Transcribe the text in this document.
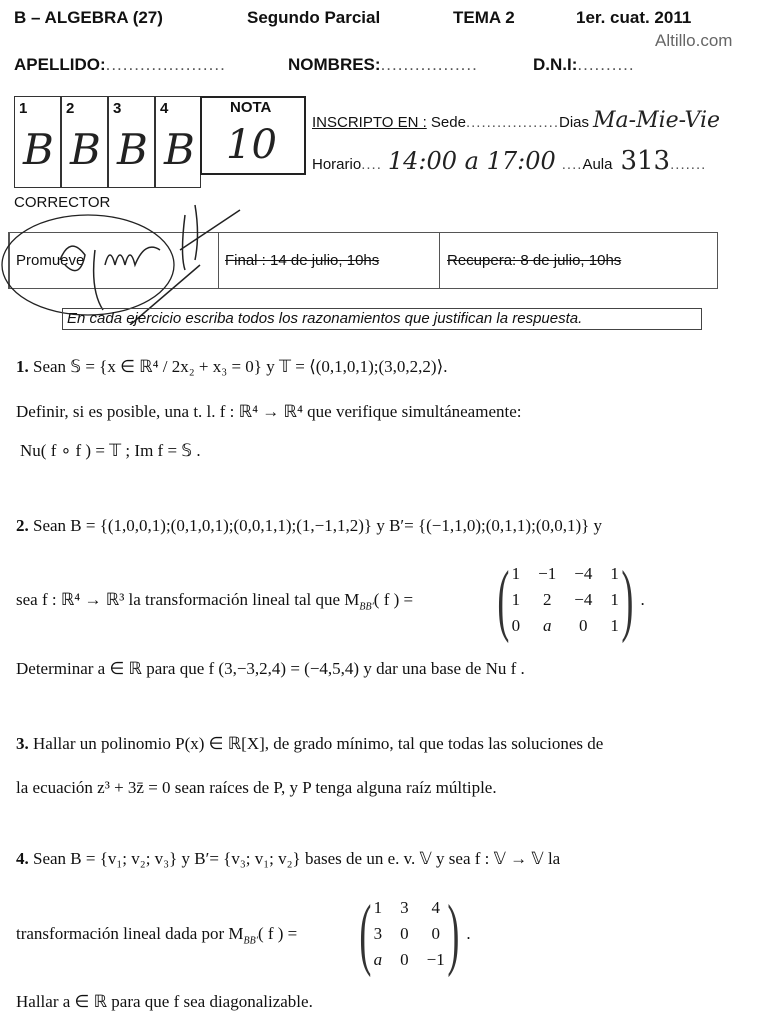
B – ALGEBRA (27)	Segundo Parcial	TEMA 2	1er. cuat. 2011
APELLIDO:.....................	NOMBRES:.................	D.N.I:..........
Altillo.com
1
B
2
B
3
B
4
B
NOTA
10 INSCRIPTO EN :
Sede .................. Dias Ma-Mie-Vie
Horario .... 14:00 a 17:00 .... Aula 313 .......
CORRECTOR
Promueve	Final : 14 de julio, 10hs	Recupera: 8 de julio, 10hs
En cada ejercicio escriba todos los razonamientos que justifican la respuesta.
1. Sean 𝕊 = {x ∈ ℝ⁴ / 2x₂ + x₃ = 0} y 𝕋 = ⟨(0,1,0,1);(3,0,2,2)⟩.
Definir, si es posible, una t. l. f : ℝ⁴ → ℝ⁴ que verifique simultáneamente:
Nu( f ∘ f ) = 𝕋 ; Im f = 𝕊 .
2. Sean B = {(1,0,0,1);(0,1,0,1);(0,0,1,1);(1,−1,1,2)} y B′= {(−1,1,0);(0,1,1);(0,0,1)} y
sea f : ℝ⁴ → ℝ³ la transformación lineal tal que $M_{BB'}$( f ) = ( 1	−1	−4	1
1	2	−4	1
0	a	0	1 ) .
Determinar a ∈ ℝ para que f (3,−3,2,4) = (−4,5,4) y dar una base de Nu f .
3. Hallar un polinomio P(x) ∈ ℝ[X], de grado mínimo, tal que todas las soluciones de
la ecuación z³ + 3z̄ = 0 sean raíces de P, y P tenga alguna raíz múltiple.
4. Sean B = {v₁; v₂; v₃} y B′= {v₃; v₁; v₂} bases de un e. v. 𝕍 y sea f : 𝕍 → 𝕍 la
transformación lineal dada por $M_{BB'}$( f ) = ( 1	3	4
3	0	0
a	0	−1 ) .
Hallar a ∈ ℝ para que f sea diagonalizable.
